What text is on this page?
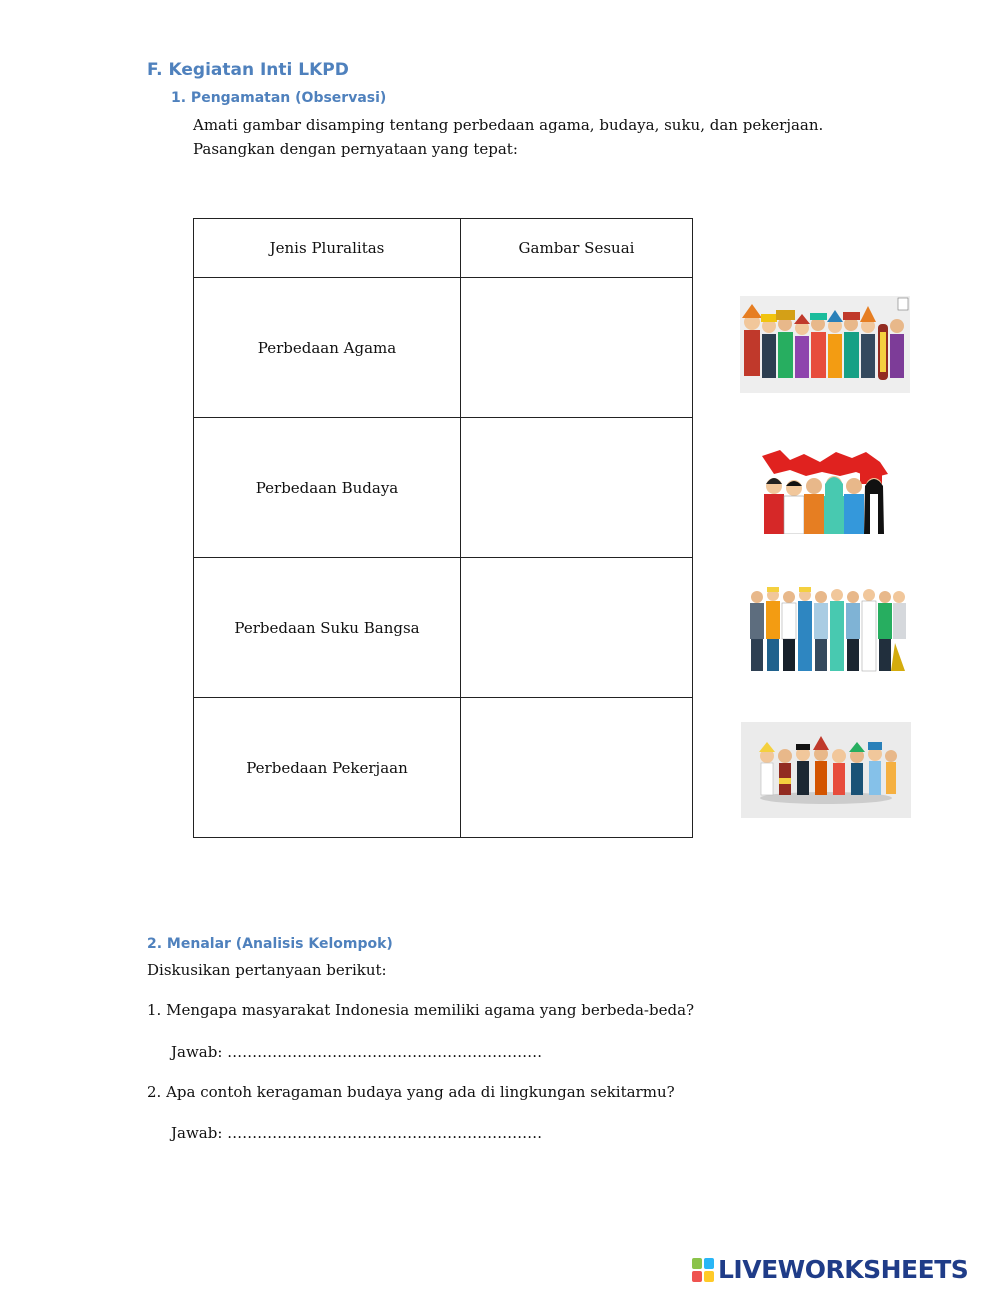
F. Kegiatan Inti LKPD
1. Pengamatan (Observasi)
Amati gambar disamping tentang perbedaan agama, budaya, suku, dan pekerjaan.
Pasangkan dengan pernyataan yang tepat:
Jenis Pluralitas	Gambar Sesuai
Perbedaan Agama	
Perbedaan Budaya	
Perbedaan Suku Bangsa	
Perbedaan Pekerjaan	
2. Menalar (Analisis Kelompok)
Diskusikan pertanyaan berikut:
1. Mengapa masyarakat Indonesia memiliki agama yang berbeda-beda?
Jawab: ………………………………………………………
2. Apa contoh keragaman budaya yang ada di lingkungan sekitarmu?
Jawab: ………………………………………………………
LIVEWORKSHEETS
